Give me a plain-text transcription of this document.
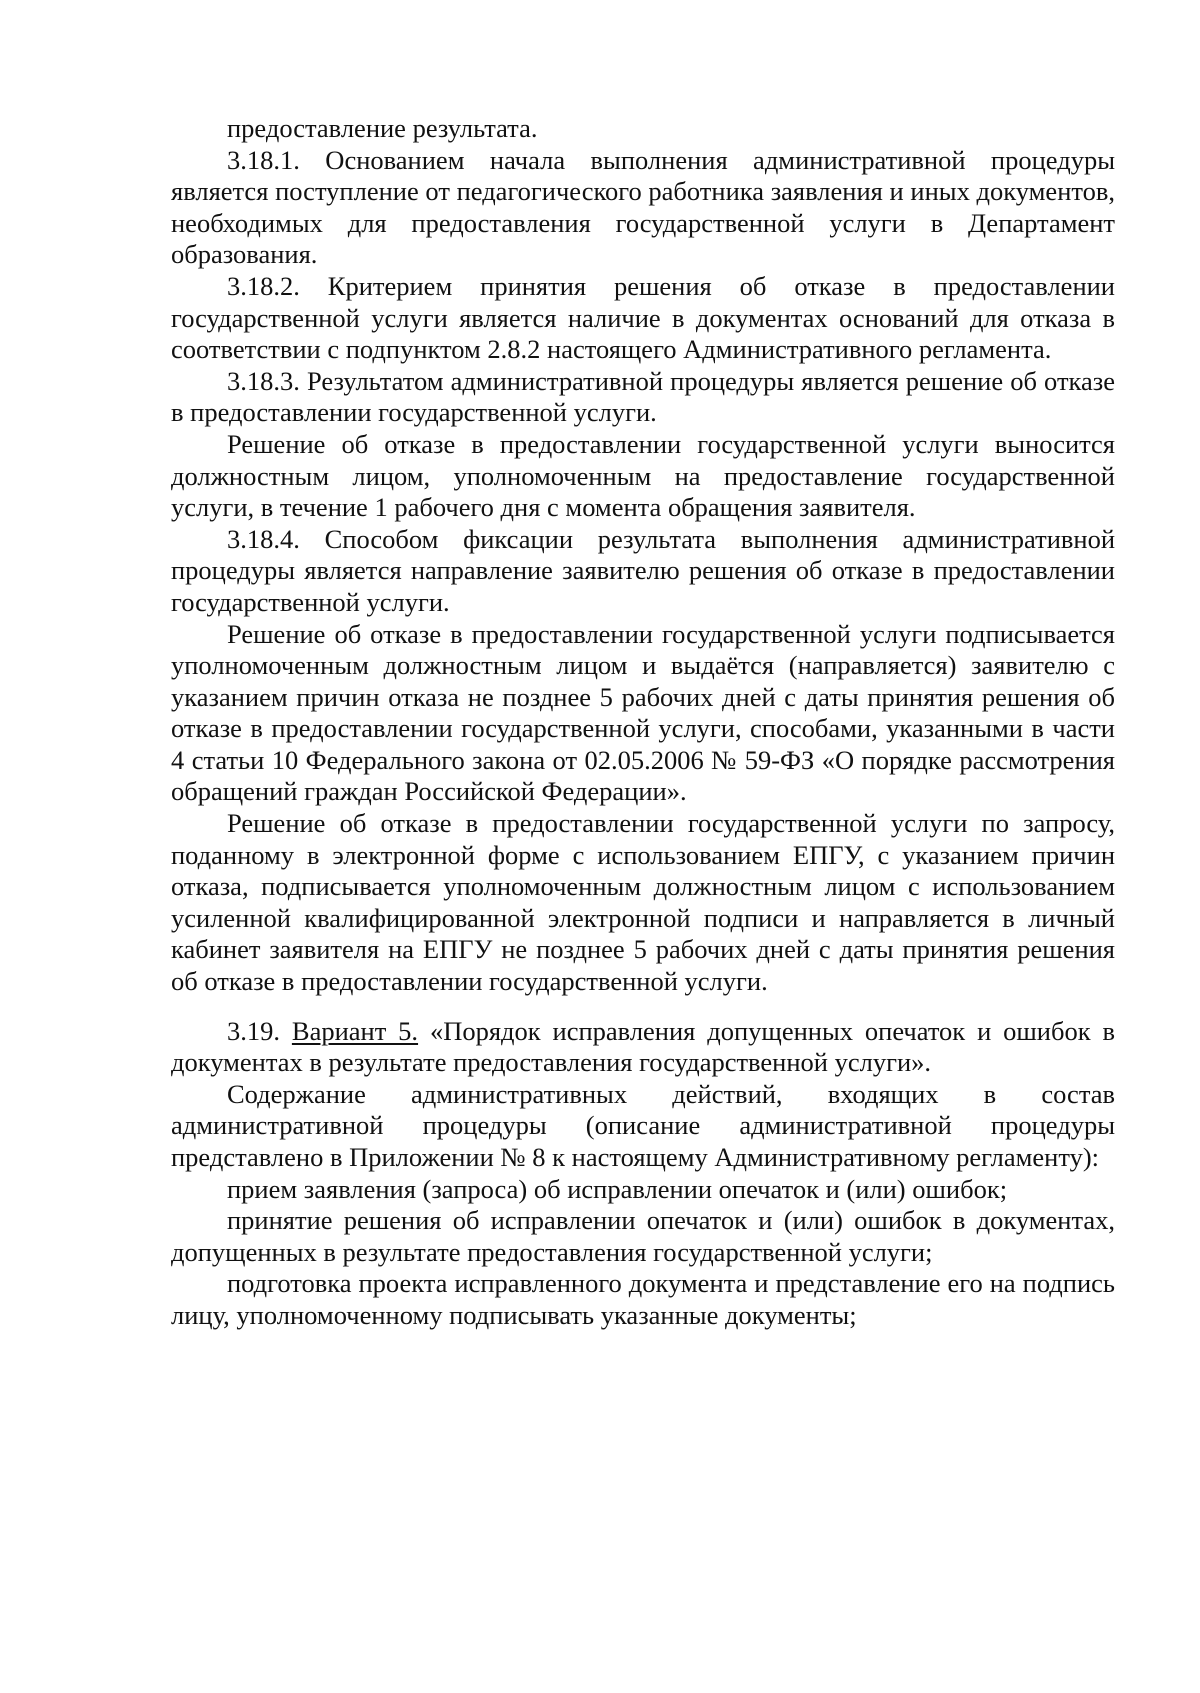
предоставление результата.

3.18.1. Основанием начала выполнения административной процедуры является поступление от педагогического работника заявления и иных документов, необходимых для предоставления государственной услуги в Департамент образования.

3.18.2. Критерием принятия решения об отказе в предоставлении государственной услуги является наличие в документах оснований для отказа в соответствии с подпунктом 2.8.2 настоящего Административного регламента.

3.18.3. Результатом административной процедуры является решение об отказе в предоставлении государственной услуги.

Решение об отказе в предоставлении государственной услуги выносится должностным лицом, уполномоченным на предоставление государственной услуги, в течение 1 рабочего дня с момента обращения заявителя.

3.18.4. Способом фиксации результата выполнения административной процедуры является направление заявителю решения об отказе в предоставлении государственной услуги.

Решение об отказе в предоставлении государственной услуги подписывается уполномоченным должностным лицом и выдаётся (направляется) заявителю с указанием причин отказа не позднее 5 рабочих дней с даты принятия решения об отказе в предоставлении государственной услуги, способами, указанными в части 4 статьи 10 Федерального закона от 02.05.2006 № 59-ФЗ «О порядке рассмотрения обращений граждан Российской Федерации».

Решение об отказе в предоставлении государственной услуги по запросу, поданному в электронной форме с использованием ЕПГУ, с указанием причин отказа, подписывается уполномоченным должностным лицом с использованием усиленной квалифицированной электронной подписи и направляется в личный кабинет заявителя на ЕПГУ не позднее 5 рабочих дней с даты принятия решения об отказе в предоставлении государственной услуги.

3.19. Вариант 5. «Порядок исправления допущенных опечаток и ошибок в документах в результате предоставления государственной услуги».

Содержание административных действий, входящих в состав административной процедуры (описание административной процедуры представлено в Приложении № 8 к настоящему Административному регламенту):

прием заявления (запроса) об исправлении опечаток и (или) ошибок;

принятие решения об исправлении опечаток и (или) ошибок в документах, допущенных в результате предоставления государственной услуги;

подготовка проекта исправленного документа и представление его на подпись лицу, уполномоченному подписывать указанные документы;
